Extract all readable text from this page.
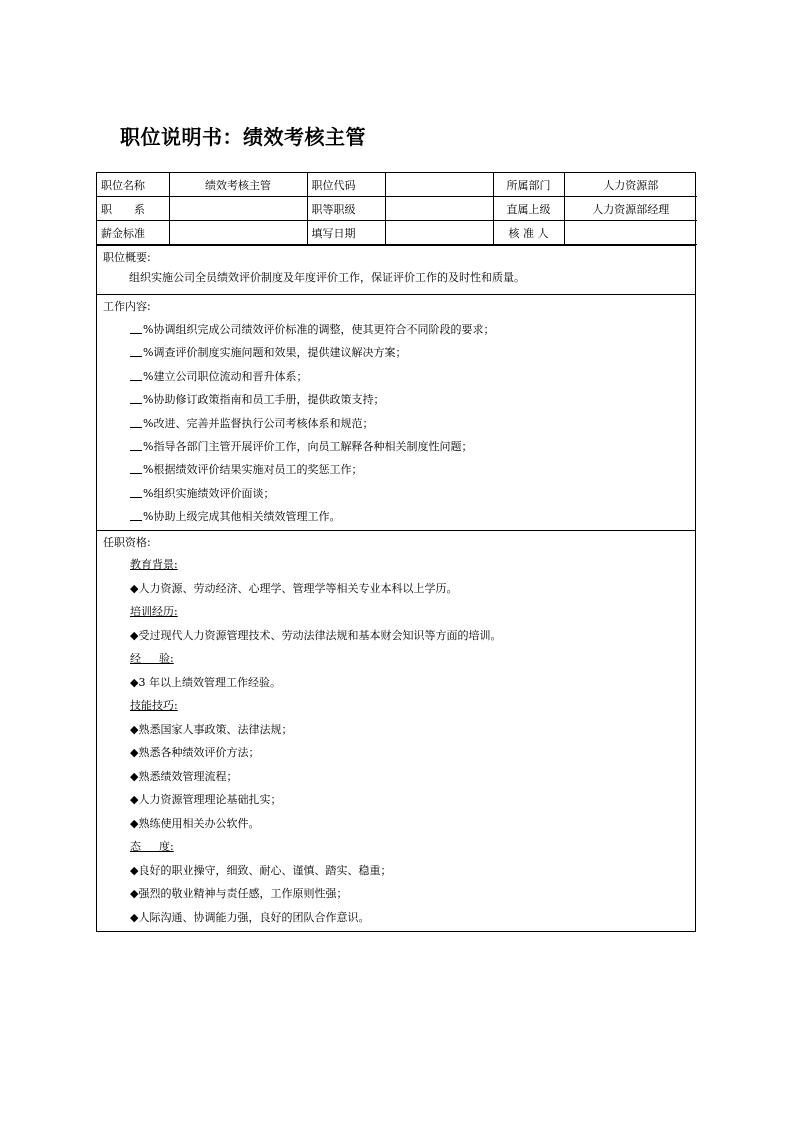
职位说明书：绩效考核主管
职位名称	绩效考核主管	职位代码		所属部门	人力资源部
职　　系		职等职级		直属上级	人力资源部经理
薪金标准		填写日期		核 准 人	
职位概要:
组织实施公司全员绩效评价制度及年度评价工作，保证评价工作的及时性和质量。
工作内容:
%协调组织完成公司绩效评价标准的调整，使其更符合不同阶段的要求；
%调查评价制度实施问题和效果，提供建议解决方案；
%建立公司职位流动和晋升体系；
%协助修订政策指南和员工手册，提供政策支持；
%改进、完善并监督执行公司考核体系和规范；
%指导各部门主管开展评价工作，向员工解释各种相关制度性问题；
%根据绩效评价结果实施对员工的奖惩工作；
%组织实施绩效评价面谈；
%协助上级完成其他相关绩效管理工作。
任职资格:
教育背景:
◆人力资源、劳动经济、心理学、管理学等相关专业本科以上学历。
培训经历:
◆受过现代人力资源管理技术、劳动法律法规和基本财会知识等方面的培训。
经验:
◆3 年以上绩效管理工作经验。
技能技巧:
◆熟悉国家人事政策、法律法规；
◆熟悉各种绩效评价方法；
◆熟悉绩效管理流程；
◆人力资源管理理论基础扎实；
◆熟练使用相关办公软件。
态度:
◆良好的职业操守，细致、耐心、谨慎、踏实、稳重；
◆强烈的敬业精神与责任感，工作原则性强；
◆人际沟通、协调能力强，良好的团队合作意识。
